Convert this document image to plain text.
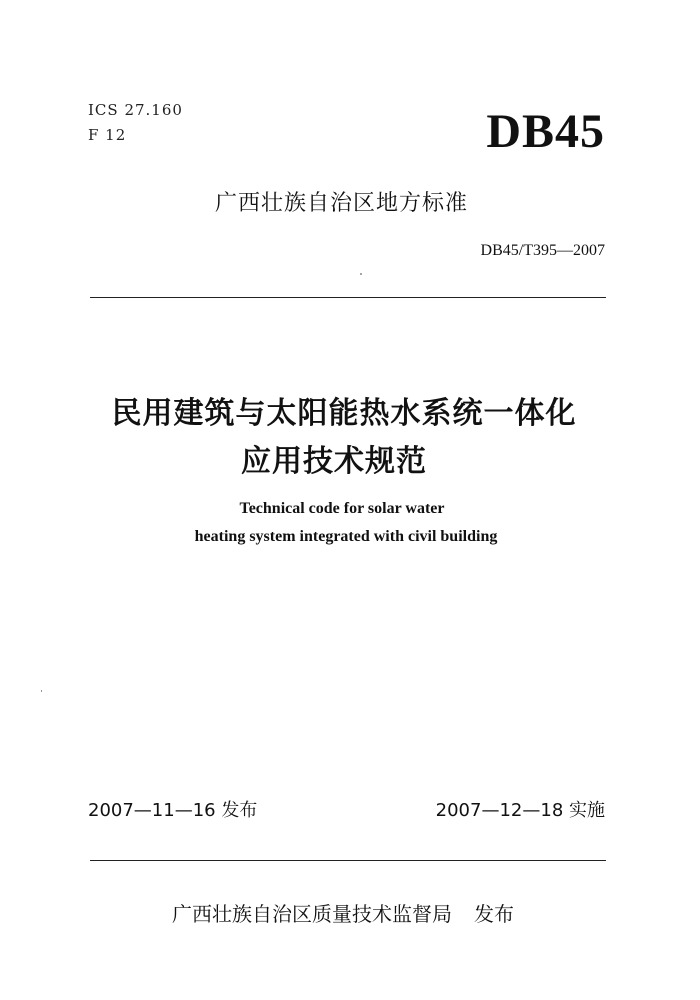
ICS 27.160
F 12	DB45
广西壮族自治区地方标准
DB45/T395—2007
民用建筑与太阳能热水系统一体化
应用技术规范
Technical code for solar water
heating system integrated with civil building
2007—11—16 发布	2007—12—18 实施
广西壮族自治区质量技术监督局 发布
